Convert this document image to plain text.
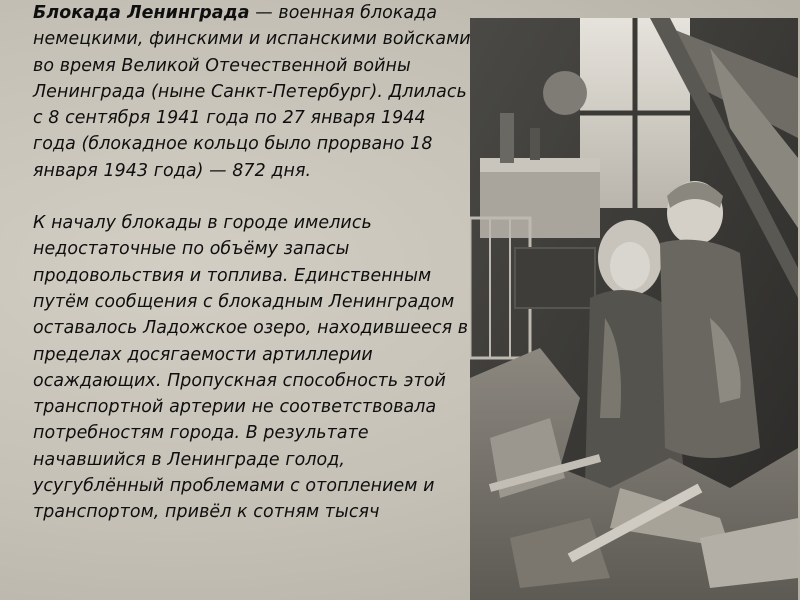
Блокада Ленинграда — военная блокада немецкими, финскими и испанскими войсками во время Великой Отечественной войны Ленинграда (ныне Санкт-Петербург). Длилась с 8 сентября 1941 года по 27 января 1944 года (блокадное кольцо было прорвано 18 января 1943 года) — 872 дня.

К началу блокады в городе имелись недостаточные по объёму запасы продовольствия и топлива. Единственным путём сообщения с блокадным Ленинградом оставалось Ладожское озеро, находившееся в пределах досягаемости артиллерии осаждающих. Пропускная способность этой транспортной артерии не соответствовала потребностям города. В результате начавшийся в Ленинграде голод, усугублённый проблемами с отоплением и транспортом, привёл к сотням тысяч
